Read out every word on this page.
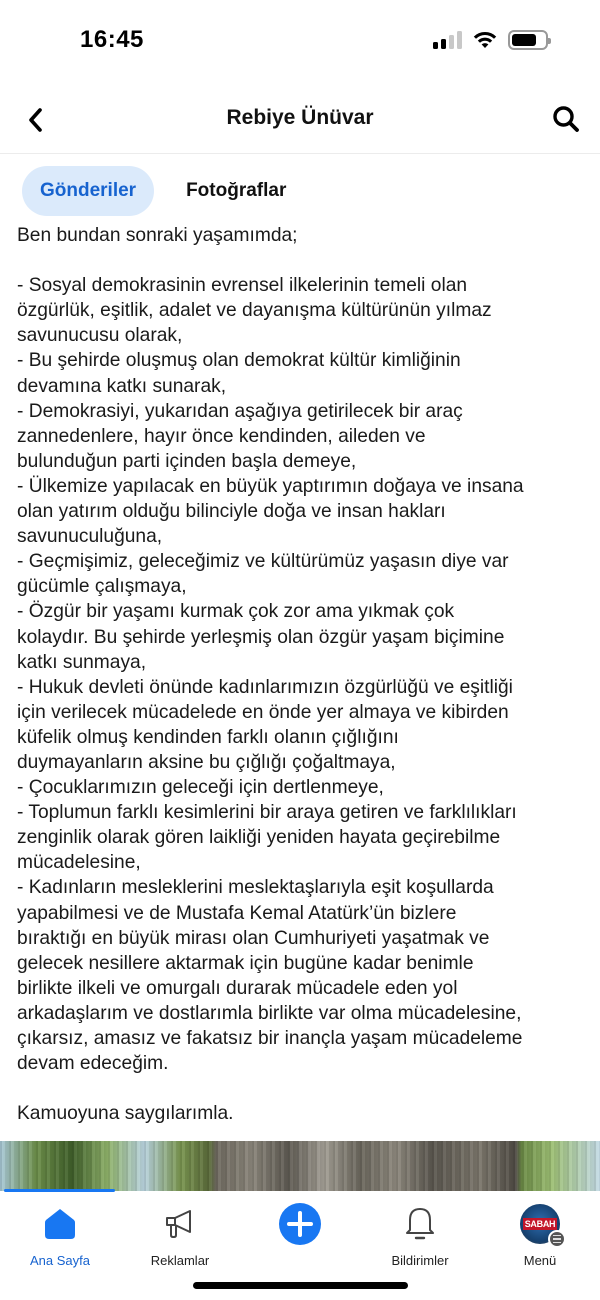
16:45
Rebiye Ünüvar
Gönderiler	Fotoğraflar
Ben bundan sonraki yaşamımda;
- Sosyal demokrasinin evrensel ilkelerinin temeli olan
özgürlük, eşitlik, adalet ve dayanışma kültürünün yılmaz
savunucusu olarak,
- Bu şehirde oluşmuş olan demokrat kültür kimliğinin
devamına katkı sunarak,
- Demokrasiyi, yukarıdan aşağıya getirilecek bir araç
zannedenlere, hayır önce kendinden, aileden ve
bulunduğun parti içinden başla demeye,
- Ülkemize yapılacak en büyük yaptırımın doğaya ve insana
olan yatırım olduğu bilinciyle doğa ve insan hakları
savunuculuğuna,
- Geçmişimiz, geleceğimiz ve kültürümüz yaşasın diye var
gücümle çalışmaya,
- Özgür bir yaşamı kurmak çok zor ama yıkmak çok
kolaydır. Bu şehirde yerleşmiş olan özgür yaşam biçimine
katkı sunmaya,
- Hukuk devleti önünde kadınlarımızın özgürlüğü ve eşitliği
için verilecek mücadelede en önde yer almaya ve kibirden
küfelik olmuş kendinden farklı olanın çığlığını
duymayanların aksine bu çığlığı çoğaltmaya,
- Çocuklarımızın geleceği için dertlenmeye,
- Toplumun farklı kesimlerini bir araya getiren ve farklılıkları
zenginlik olarak gören laikliği yeniden hayata geçirebilme
mücadelesine,
- Kadınların mesleklerini meslektaşlarıyla eşit koşullarda
yapabilmesi ve de Mustafa Kemal Atatürk’ün bizlere
bıraktığı en büyük mirası olan Cumhuriyeti yaşatmak ve
gelecek nesillere aktarmak için bugüne kadar benimle
birlikte ilkeli ve omurgalı durarak mücadele eden yol
arkadaşlarım ve dostlarımla birlikte var olma mücadelesine,
çıkarsız, amasız ve fakatsız bir inançla yaşam mücadeleme
devam edeceğim.
Kamuoyuna saygılarımla.
Ana Sayfa	Reklamlar	Bildirimler
SABAH
Menü
